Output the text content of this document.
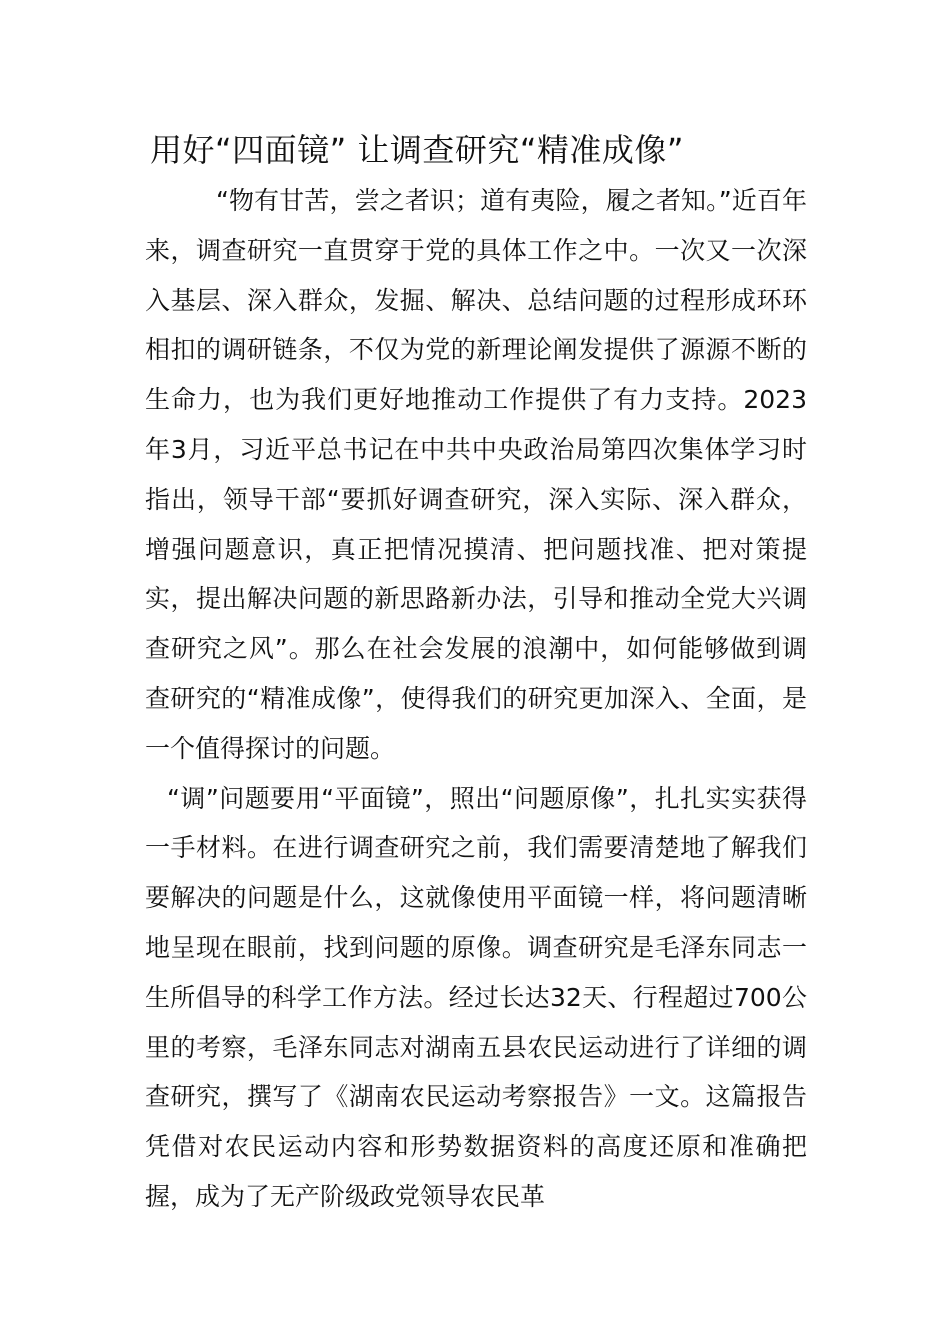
用好“四面镜” 让调查研究“精准成像”

“物有甘苦，尝之者识；道有夷险，履之者知。”近百年来，调查研究一直贯穿于党的具体工作之中。一次又一次深入基层、深入群众，发掘、解决、总结问题的过程形成环环相扣的调研链条，不仅为党的新理论阐发提供了源源不断的生命力，也为我们更好地推动工作提供了有力支持。2023年3月，习近平总书记在中共中央政治局第四次集体学习时指出，领导干部“要抓好调查研究，深入实际、深入群众，增强问题意识，真正把情况摸清、把问题找准、把对策提实，提出解决问题的新思路新办法，引导和推动全党大兴调查研究之风”。那么在社会发展的浪潮中，如何能够做到调查研究的“精准成像”，使得我们的研究更加深入、全面，是一个值得探讨的问题。

“调”问题要用“平面镜”，照出“问题原像”，扎扎实实获得一手材料。在进行调查研究之前，我们需要清楚地了解我们要解决的问题是什么，这就像使用平面镜一样，将问题清晰地呈现在眼前，找到问题的原像。调查研究是毛泽东同志一生所倡导的科学工作方法。经过长达32天、行程超过700公里的考察，毛泽东同志对湖南五县农民运动进行了详细的调查研究，撰写了《湖南农民运动考察报告》一文。这篇报告凭借对农民运动内容和形势数据资料的高度还原和准确把握，成为了无产阶级政党领导农民革
